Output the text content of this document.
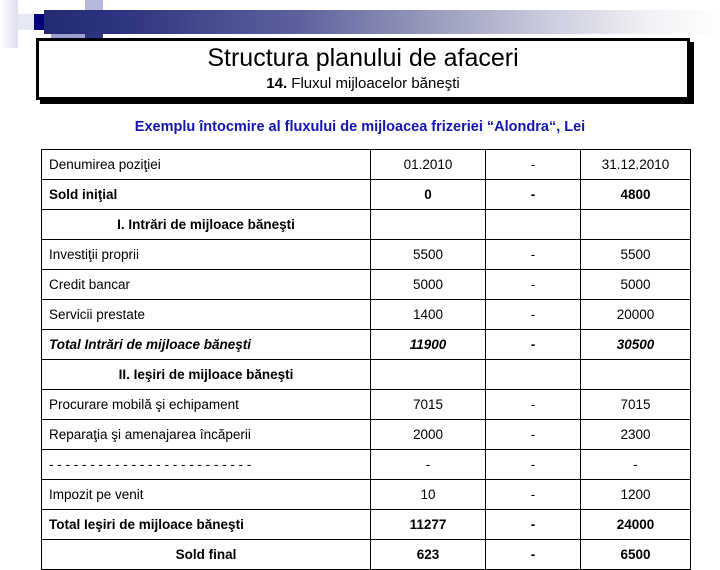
Structura planului de afaceri
14. Fluxul mijloacelor băneşti
Exemplu întocmire al fluxului de mijloacea frizeriei “Alondra“, Lei
Denumirea poziţiei	01.2010	-	31.12.2010
Sold iniţial	0	-	4800
I. Intrări de mijloace băneşti			
Investiţii proprii	5500	-	5500
Credit bancar	5000	-	5000
Servicii prestate	1400	-	20000
Total Intrări de mijloace băneşti	11900	-	30500
II. Ieşiri de mijloace băneşti			
Procurare mobilă şi echipament	7015	-	7015
Reparaţia şi amenajarea încăperii	2000	-	2300
- - - - - - - - - - - - - - - - - - - - - - - - -	-	-	-
Impozit pe venit	10	-	1200
Total Ieşiri de mijloace băneşti	11277	-	24000
Sold final	623	-	6500
